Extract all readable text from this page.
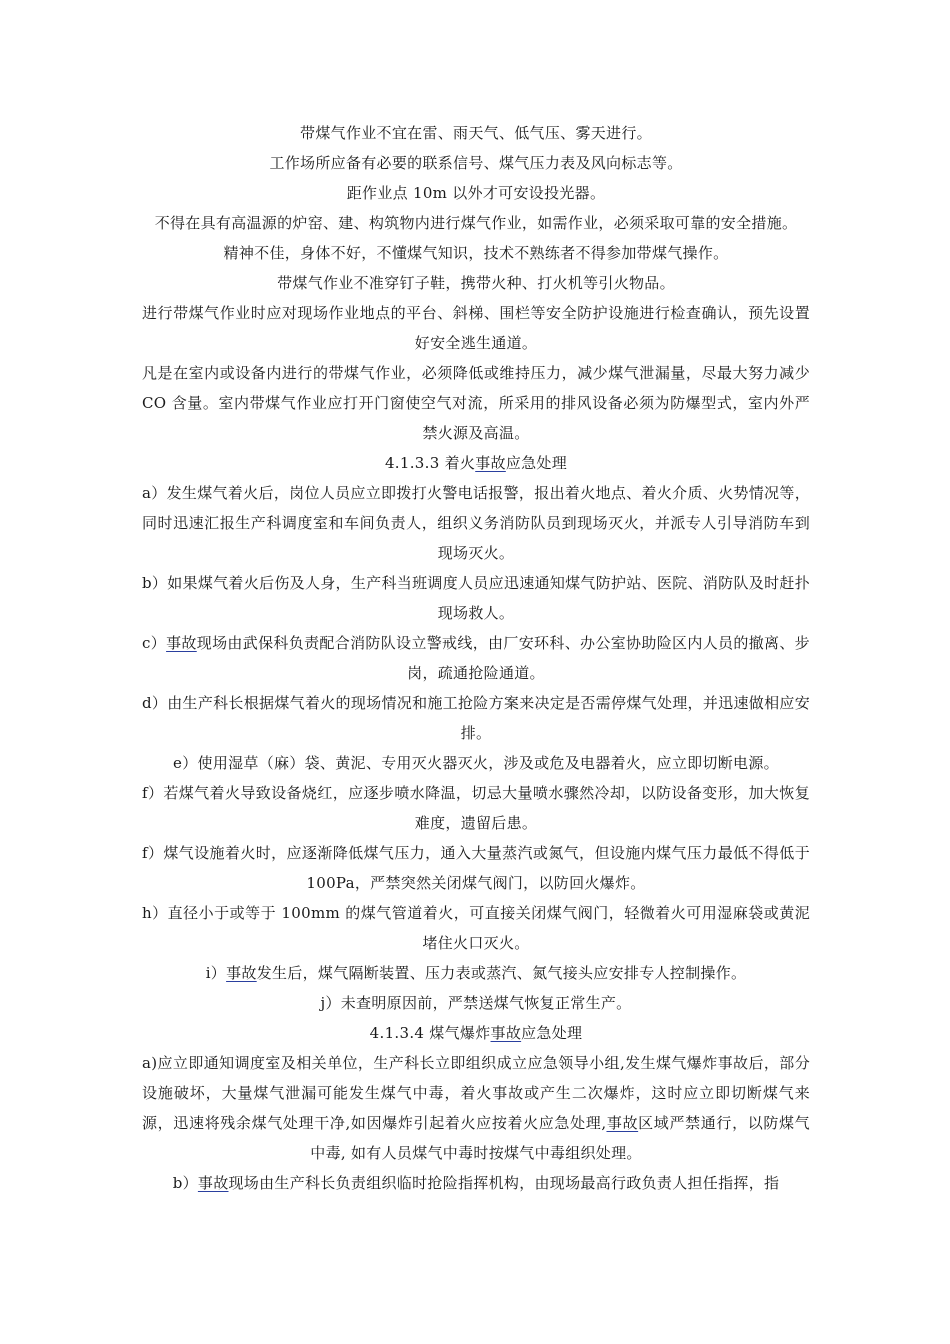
带煤气作业不宜在雷、雨天气、低气压、雾天进行。

工作场所应备有必要的联系信号、煤气压力表及风向标志等。

距作业点 10m 以外才可安设投光器。

不得在具有高温源的炉窑、建、构筑物内进行煤气作业，如需作业，必须采取可靠的安全措施。

精神不佳，身体不好，不懂煤气知识，技术不熟练者不得参加带煤气操作。

带煤气作业不准穿钉子鞋，携带火种、打火机等引火物品。

进行带煤气作业时应对现场作业地点的平台、斜梯、围栏等安全防护设施进行检查确认，预先设置好安全逃生通道。

凡是在室内或设备内进行的带煤气作业，必须降低或维持压力，减少煤气泄漏量，尽最大努力减少 CO 含量。室内带煤气作业应打开门窗使空气对流，所采用的排风设备必须为防爆型式，室内外严禁火源及高温。

4.1.3.3 着火事故应急处理

a）发生煤气着火后，岗位人员应立即拨打火警电话报警，报出着火地点、着火介质、火势情况等，同时迅速汇报生产科调度室和车间负责人，组织义务消防队员到现场灭火，并派专人引导消防车到现场灭火。

b）如果煤气着火后伤及人身，生产科当班调度人员应迅速通知煤气防护站、医院、消防队及时赶扑现场救人。

c）事故现场由武保科负责配合消防队设立警戒线，由厂安环科、办公室协助险区内人员的撤离、步岗，疏通抢险通道。

d）由生产科长根据煤气着火的现场情况和施工抢险方案来决定是否需停煤气处理，并迅速做相应安排。

e）使用湿草（麻）袋、黄泥、专用灭火器灭火，涉及或危及电器着火，应立即切断电源。

f）若煤气着火导致设备烧红，应逐步喷水降温，切忌大量喷水骤然冷却，以防设备变形，加大恢复难度，遗留后患。

f）煤气设施着火时，应逐渐降低煤气压力，通入大量蒸汽或氮气，但设施内煤气压力最低不得低于 100Pa，严禁突然关闭煤气阀门，以防回火爆炸。

h）直径小于或等于 100mm 的煤气管道着火，可直接关闭煤气阀门，轻微着火可用湿麻袋或黄泥堵住火口灭火。

i）事故发生后，煤气隔断装置、压力表或蒸汽、氮气接头应安排专人控制操作。

j）未查明原因前，严禁送煤气恢复正常生产。

4.1.3.4 煤气爆炸事故应急处理

a)应立即通知调度室及相关单位，生产科长立即组织成立应急领导小组,发生煤气爆炸事故后，部分设施破坏，大量煤气泄漏可能发生煤气中毒，着火事故或产生二次爆炸，这时应立即切断煤气来源，迅速将残余煤气处理干净,如因爆炸引起着火应按着火应急处理,事故区域严禁通行，以防煤气中毒, 如有人员煤气中毒时按煤气中毒组织处理。

b）事故现场由生产科长负责组织临时抢险指挥机构，由现场最高行政负责人担任指挥，指
